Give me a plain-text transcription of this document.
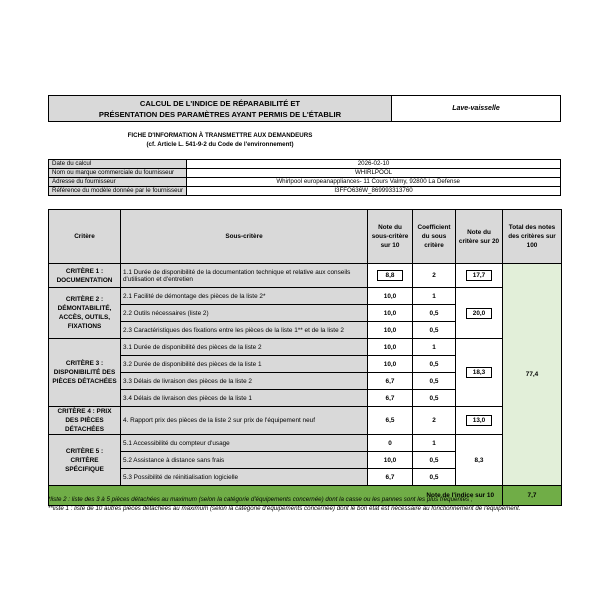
CALCUL DE L'INDICE DE RÉPARABILITÉ ET
PRÉSENTATION DES PARAMÈTRES AYANT PERMIS DE L'ÉTABLIR
Lave-vaisselle
FICHE D'INFORMATION À TRANSMETTRE AUX DEMANDEURS
(cf. Article L. 541-9-2 du Code de l'environnement)
Date du calcul	2026-02-10
Nom ou marque commerciale du fournisseur	WHIRLPOOL
Adresse du fournisseur	Whirlpool europeanappliances- 11 Cours Valmy, 92800 La Defense
Référence du modèle donnée par le fournisseur	I3FFO636W_869993313760
Critère	Sous-critère	Note du sous-critère sur 10	Coefficient du sous critère	Note du critère sur 20	Total des notes des critères sur 100
CRITÈRE 1 : DOCUMENTATION	1.1 Durée de disponibilité de la documentation technique et relative aux conseils d'utilisation et d'entretien	8,8	2	17,7	77,4
CRITÈRE 2 : DÉMONTABILITÉ, ACCÈS, OUTILS, FIXATIONS	2.1 Facilité de démontage des pièces de la liste 2*	10,0	1	20,0	
	2.2 Outils nécessaires (liste 2)	10,0	0,5		
	2.3 Caractéristiques des fixations entre les pièces de la liste 1** et de la liste 2	10,0	0,5		
CRITÈRE 3 : DISPONIBILITÉ DES PIÈCES DÉTACHÉES	3.1 Durée de disponibilité des pièces de la liste 2	10,0	1	18,3	
	3.2 Durée de disponibilité des pièces de la liste 1	10,0	0,5		
	3.3 Délais de livraison des pièces de la liste 2	6,7	0,5		
	3.4 Délais de livraison des pièces de la liste 1	6,7	0,5		
CRITÈRE 4 : PRIX DES PIÈCES DÉTACHÉES	4. Rapport prix des pièces de la liste 2 sur prix de l'équipement neuf	6,5	2	13,0	
CRITÈRE 5 : CRITÈRE SPÉCIFIQUE	5.1 Accessibilité du compteur d'usage	0	1	8,3	
	5.2 Assistance à distance sans frais	10,0	0,5		
	5.3 Possibilité de réinitialisation logicielle	6,7	0,5		
Note de l'indice sur 10					7,7
*liste 2 : liste des 3 à 5 pièces détachées au maximum (selon la catégorie d'équipements concernée) dont la casse ou les pannes sont les plus fréquentes ;
**liste 1 : liste de 10 autres pièces détachées au maximum (selon la catégorie d'équipements concernée) dont le bon état est nécessaire au fonctionnement de l'équipement.
